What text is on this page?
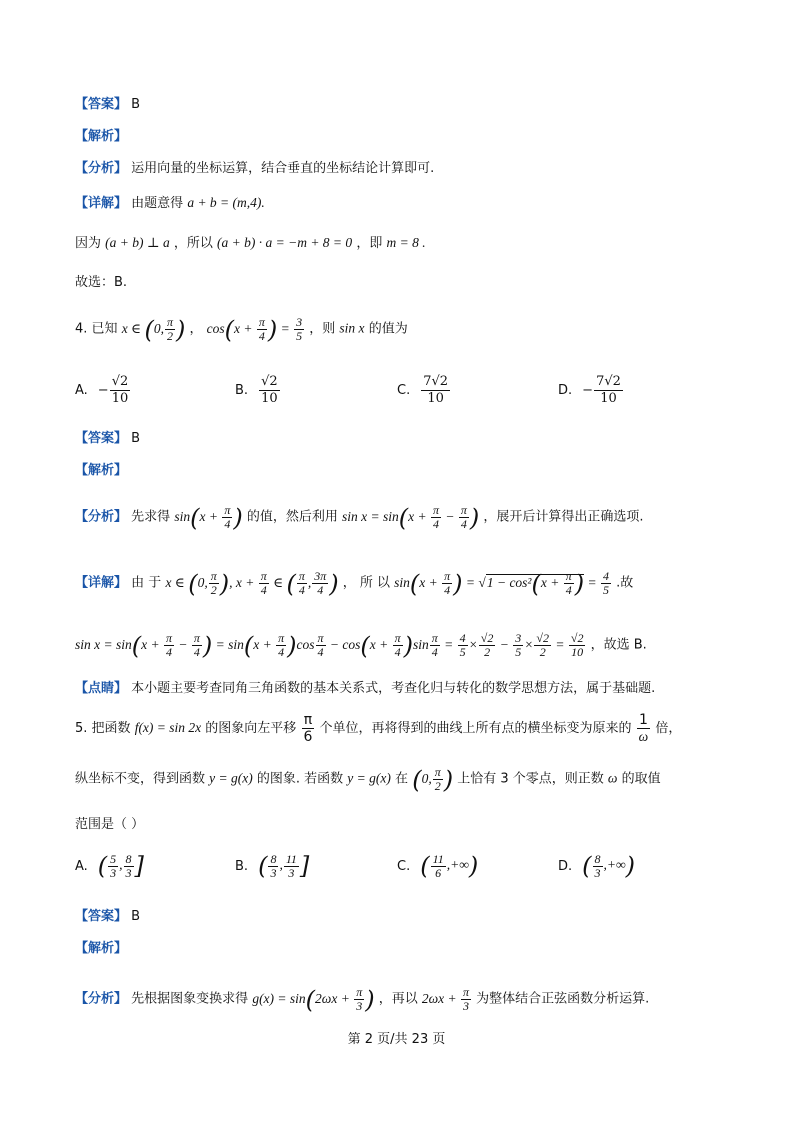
【答案】 B
【解析】
【分析】 运用向量的坐标运算，结合垂直的坐标结论计算即可.
【详解】 由题意得 a + b = (m,4).
因为 (a + b) ⊥ a ，所以 (a + b) · a = −m + 8 = 0 ，即 m = 8 .
故选：B.
4. 已知 x ∈ (0, $\frac{\pi}{2}$ ) ， $\cos(x + \frac{\pi}{4}$ ) = $\frac{3}{5}$ ，则 sin x 的值为
A. − $\frac{√2}{10}$	B. $\frac{√2}{10}$	C. $\frac{7√2}{10}$	D. − $\frac{7√2}{10}$
【答案】 B
【解析】
【分析】 先求得 $\sin(x + \frac{\pi}{4}$ ) 的值，然后利用 $\sin x = \sin(x + \frac{\pi}{4} - \frac{\pi}{4}$ ) ，展开后计算得出正确选项.
【详解】 由 于 x ∈ (0, $\frac{\pi}{2}$ ), $x + \frac{\pi}{4}$ ∈ ( $\frac{\pi}{4}$ , $\frac{3\pi}{4}$ ) ， 所 以 $\sin(x + \frac{\pi}{4}$ ) = $√1 - \cos^2(x + \frac{\pi}{4}$ ) = $\frac{4}{5}$ .故
$\sin x = \sin(x + \frac{\pi}{4} - \frac{\pi}{4}$ ) = $\sin(x + \frac{\pi}{4} )\cos \frac{\pi}{4} - \cos(x + \frac{\pi}{4} )\sin \frac{\pi}{4} = \frac{4}{5} \times \frac{√2}{2} - \frac{3}{5} \times \frac{√2}{2} = \frac{√2}{10}$ ，故选 B.
【点睛】 本小题主要考查同角三角函数的基本关系式，考查化归与转化的数学思想方法，属于基础题.
5. 把函数 f(x) = sin 2x 的图象向左平移 $\frac{\pi}{6}$ 个单位，再将得到的曲线上所有点的横坐标变为原来的 $\frac{1}{\omega}$ 倍，
纵坐标不变，得到函数 y = g(x) 的图象. 若函数 y = g(x) 在 (0, $\frac{\pi}{2}$ ) 上恰有 3 个零点，则正数 ω 的取值
范围是（ ）
A. ( $\frac{5}{3}$ , $\frac{8}{3}$ ]	B. ( $\frac{8}{3}$ , $\frac{11}{3}$ ]	C. ( $\frac{11}{6}$ ,+∞)	D. ( $\frac{8}{3}$ ,+∞)
【答案】 B
【解析】
【分析】 先根据图象变换求得 $g(x) = \sin(2\omega x + \frac{\pi}{3}$ ) ，再以 $2\omega x + \frac{\pi}{3}$ 为整体结合正弦函数分析运算.
第 2 页/共 23 页
